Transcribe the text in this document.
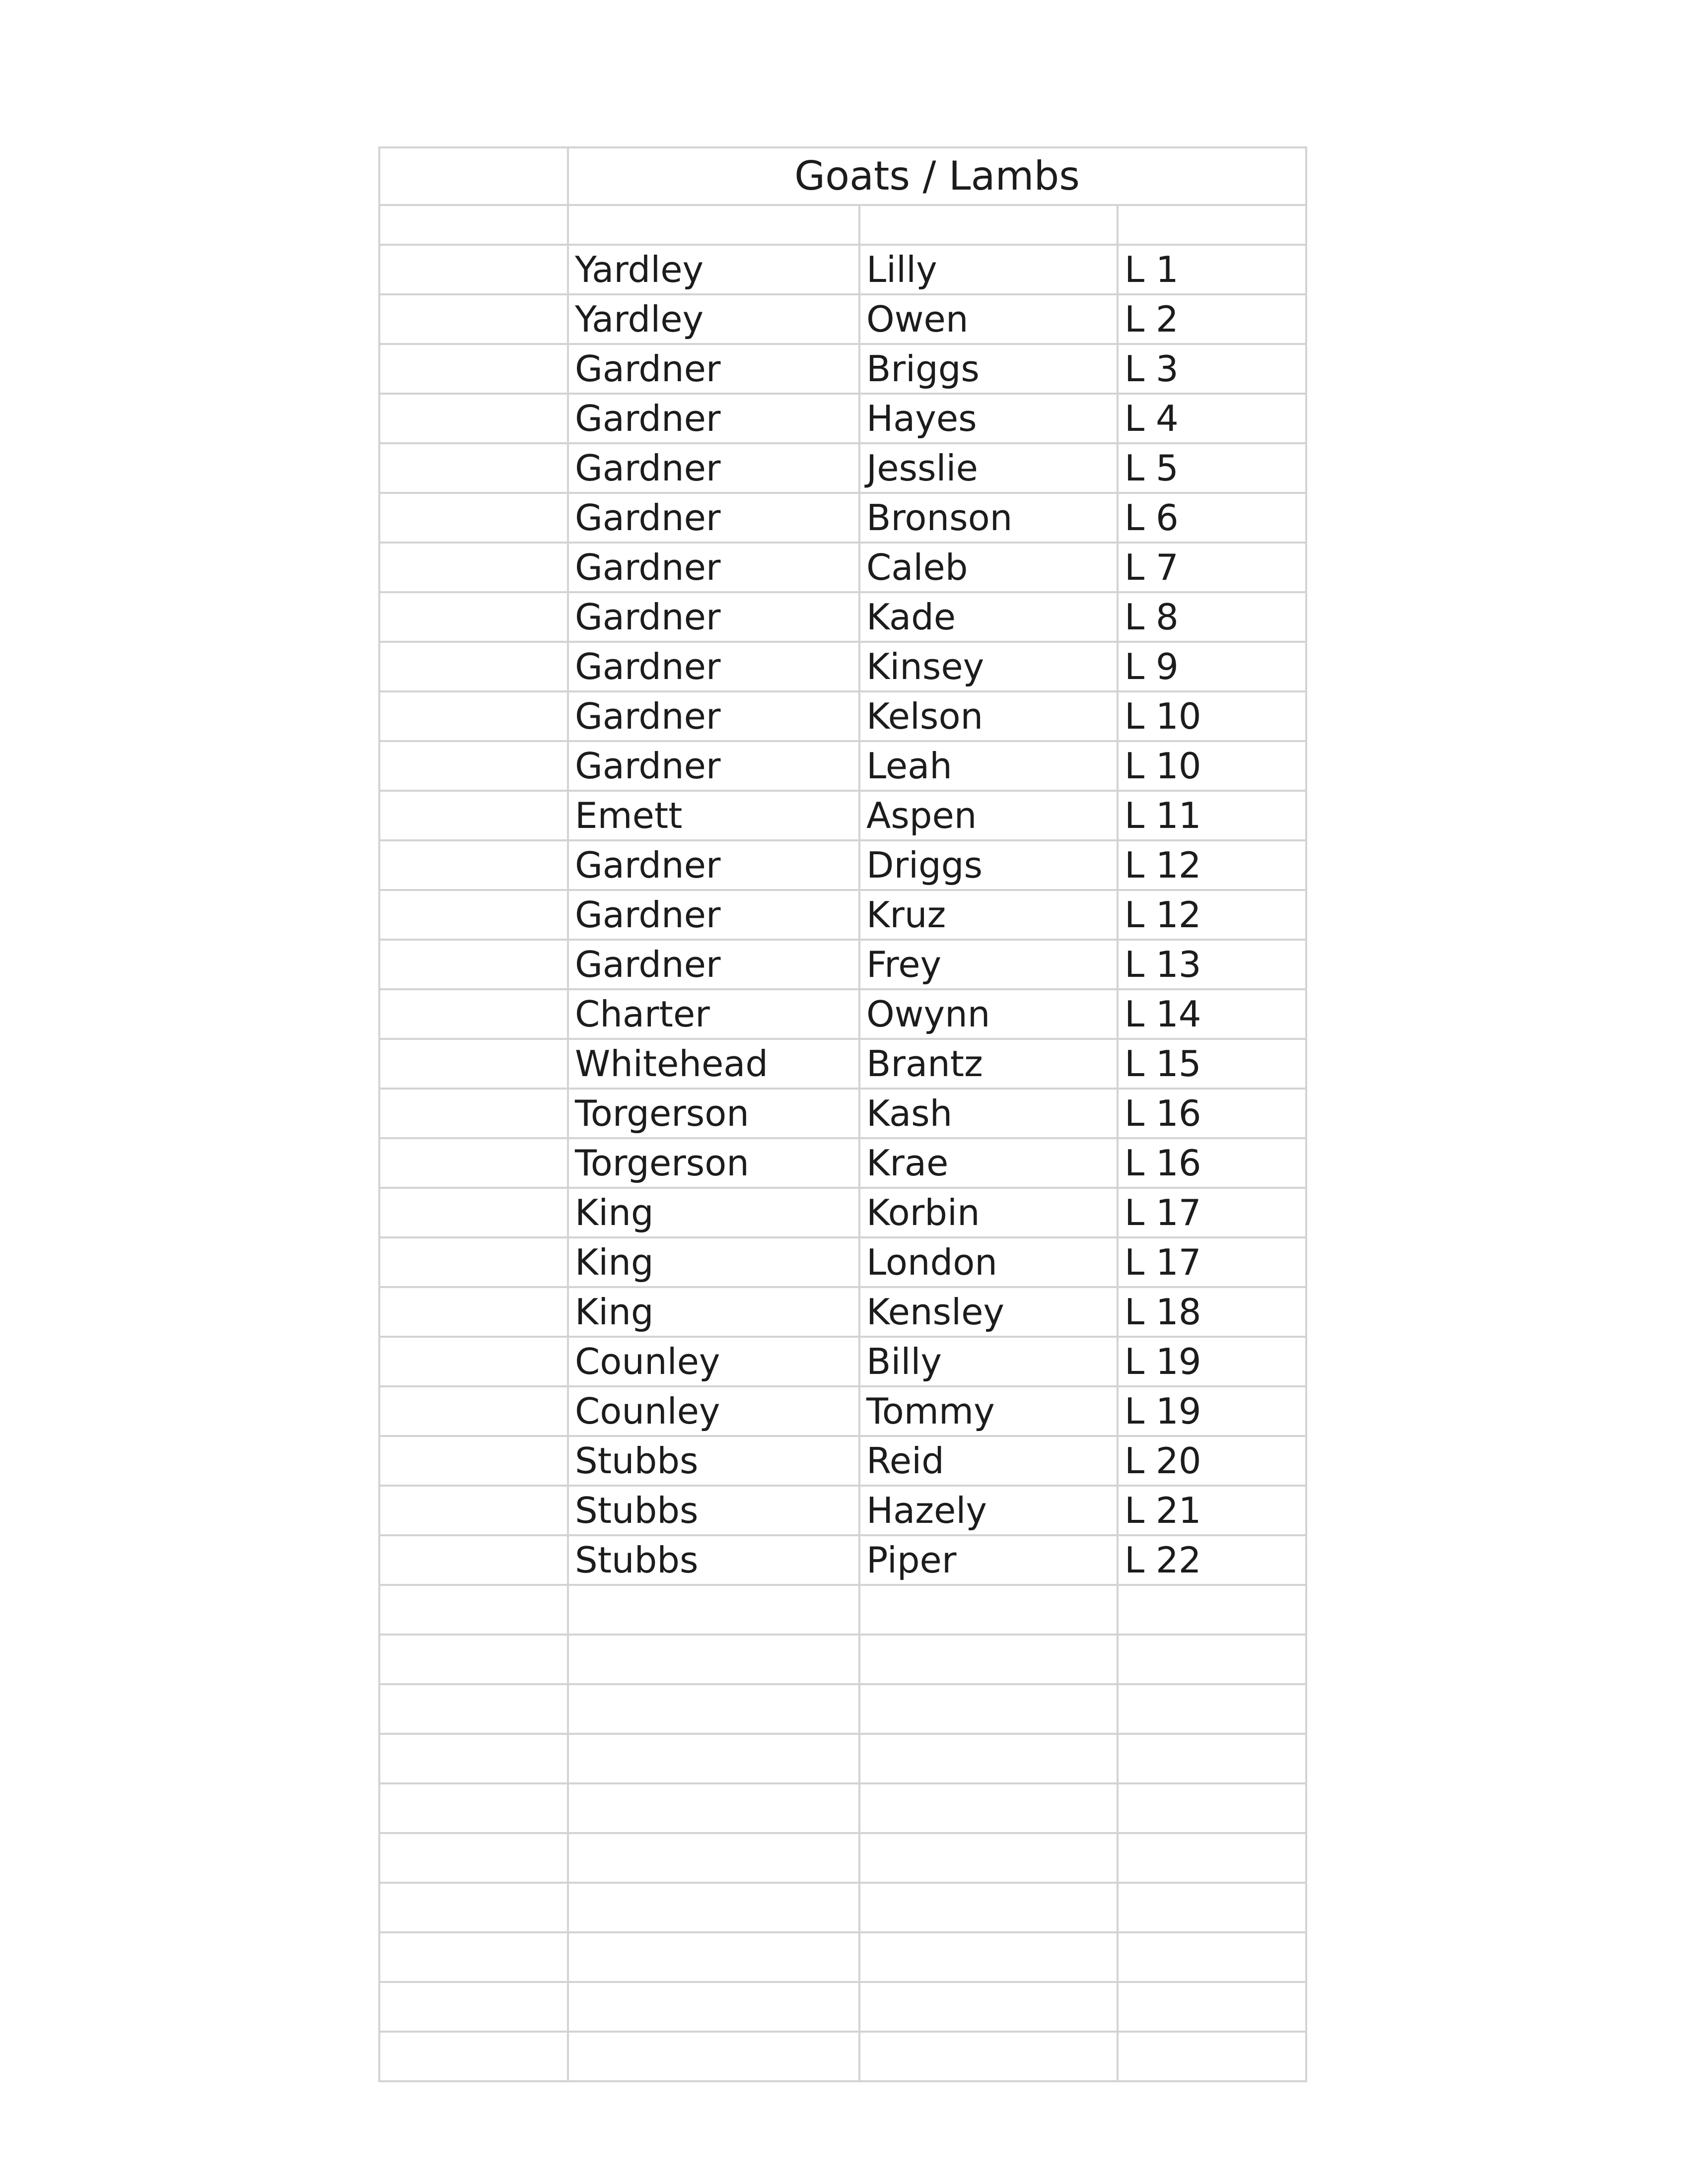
	Goats / Lambs		

	Yardley	Lilly	L 1
	Yardley	Owen	L 2
	Gardner	Briggs	L 3
	Gardner	Hayes	L 4
	Gardner	Jesslie	L 5
	Gardner	Bronson	L 6
	Gardner	Caleb	L 7
	Gardner	Kade	L 8
	Gardner	Kinsey	L 9
	Gardner	Kelson	L 10
	Gardner	Leah	L 10
	Emett	Aspen	L 11
	Gardner	Driggs	L 12
	Gardner	Kruz	L 12
	Gardner	Frey	L 13
	Charter	Owynn	L 14
	Whitehead	Brantz	L 15
	Torgerson	Kash	L 16
	Torgerson	Krae	L 16
	King	Korbin	L 17
	King	London	L 17
	King	Kensley	L 18
	Counley	Billy	L 19
	Counley	Tommy	L 19
	Stubbs	Reid	L 20
	Stubbs	Hazely	L 21
	Stubbs	Piper	L 22
